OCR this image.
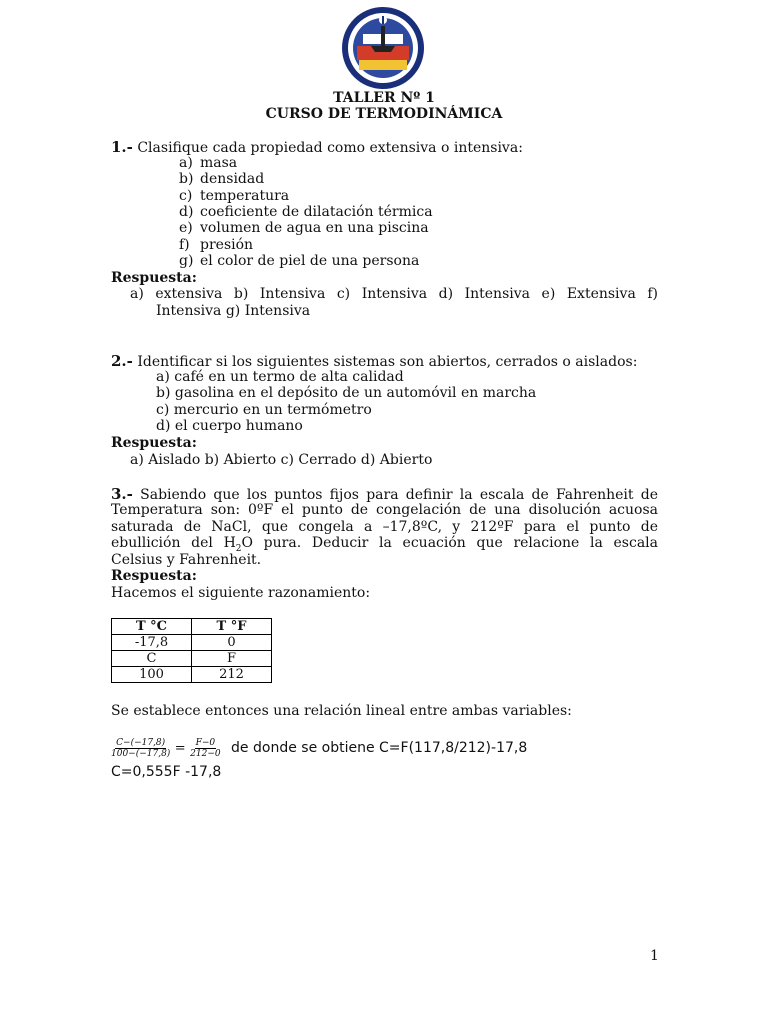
TALLER Nº 1
CURSO DE TERMODINÁMICA
1.- Clasifique cada propiedad como extensiva o intensiva:
a) masa
b) densidad
c) temperatura
d) coeficiente de dilatación térmica
e) volumen de agua en una piscina
f) presión
g) el color de piel de una persona
Respuesta:
a) extensiva b) Intensiva c) Intensiva d) Intensiva e) Extensiva f)
Intensiva g) Intensiva
2.- Identificar si los siguientes sistemas son abiertos, cerrados o aislados:
a) café en un termo de alta calidad
b) gasolina en el depósito de un automóvil en marcha
c) mercurio en un termómetro
d) el cuerpo humano
Respuesta:
a) Aislado b) Abierto c) Cerrado d) Abierto
3.- Sabiendo que los puntos fijos para definir la escala de Fahrenheit de
Temperatura son: 0ºF el punto de congelación de una disolución acuosa
saturada de NaCl, que congela a –17,8ºC, y 212ºF para el punto de
ebullición del $H_2O$ pura. Deducir la ecuación que relacione la escala
Celsius y Fahrenheit.
Respuesta:
Hacemos el siguiente razonamiento:
T °C	T °F
-17,8	0
C	F
100	212
Se establece entonces una relación lineal entre ambas variables:
$\frac{C-(-17,8)}{100-(-17,8)} = \frac{F-0}{212-0}$ de donde se obtiene C=F(117,8/212)-17,8
C=0,555F -17,8
1
